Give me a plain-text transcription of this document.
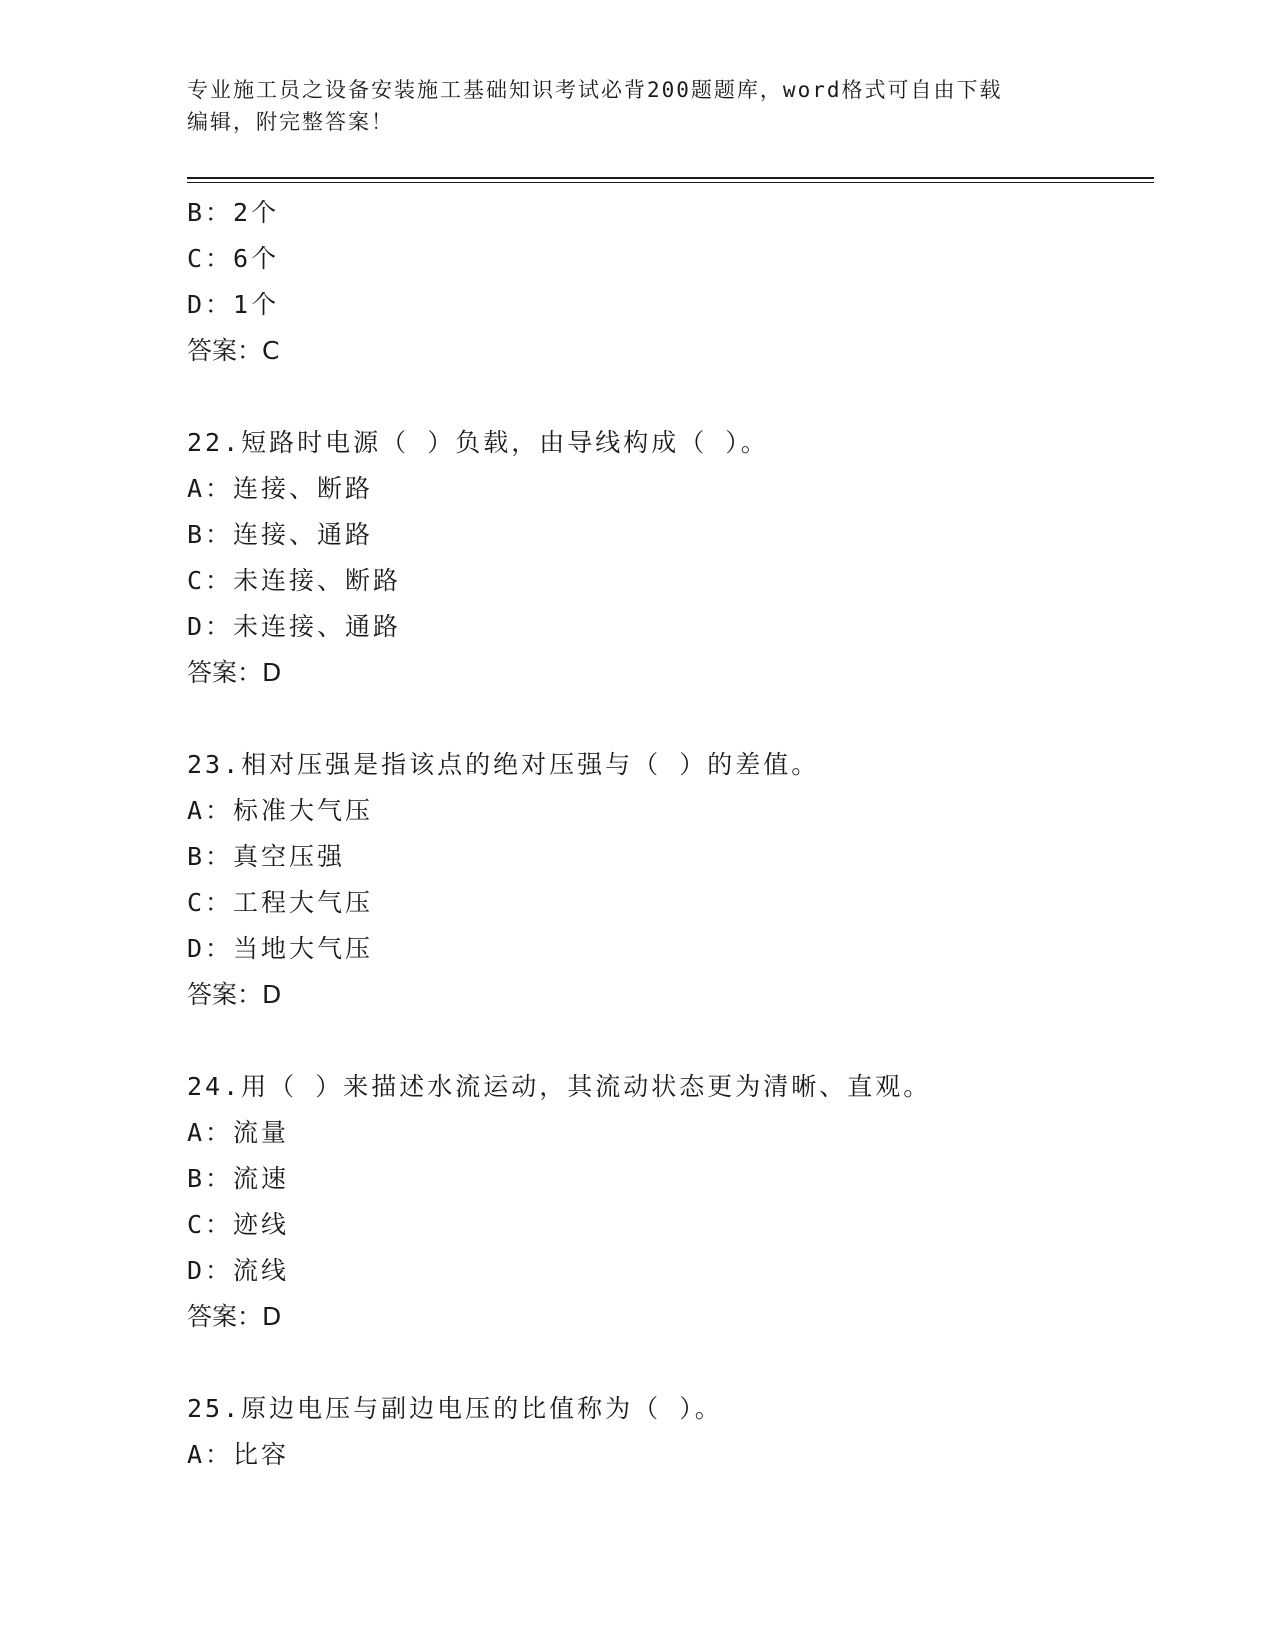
专业施工员之设备安装施工基础知识考试必背200题题库，word格式可自由下载
编辑，附完整答案！
B：2个
C：6个
D：1个
答案：C
22.短路时电源（ ）负载，由导线构成（ ）。
A：连接、断路
B：连接、通路
C：未连接、断路
D：未连接、通路
答案：D
23.相对压强是指该点的绝对压强与（ ）的差值。
A：标准大气压
B：真空压强
C：工程大气压
D：当地大气压
答案：D
24.用（ ）来描述水流运动，其流动状态更为清晰、直观。
A：流量
B：流速
C：迹线
D：流线
答案：D
25.原边电压与副边电压的比值称为（ ）。
A：比容
